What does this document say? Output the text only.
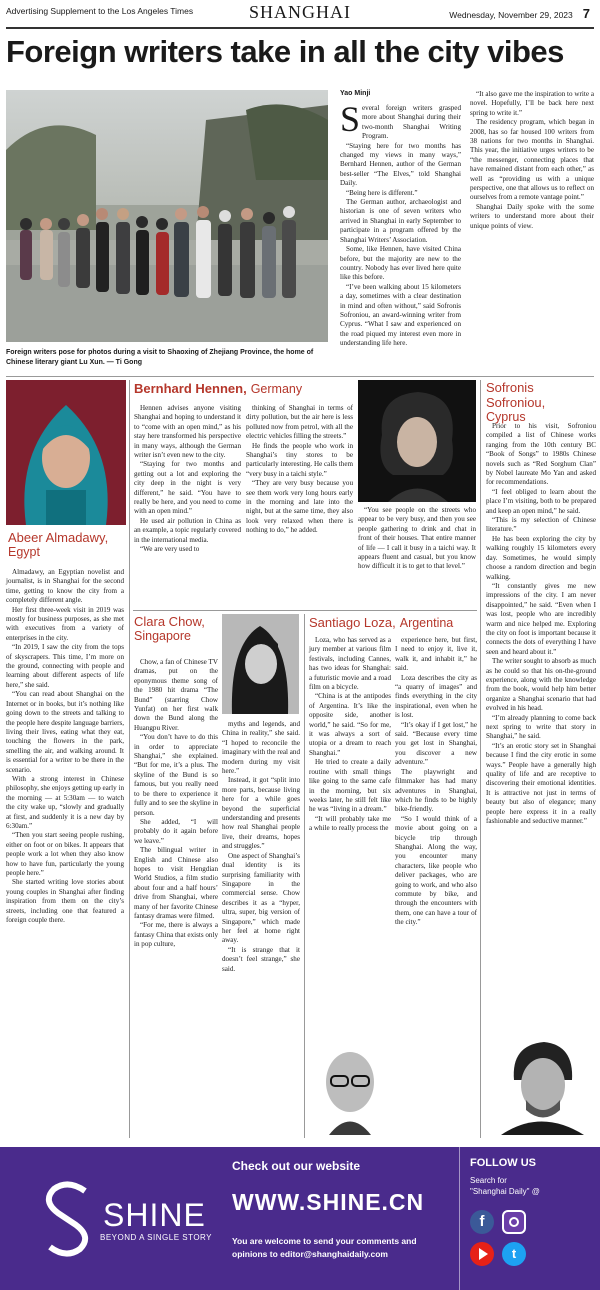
Advertising Supplement to the Los Angeles Times	SHANGHAI	Wednesday, November 29, 2023 7
Foreign writers take in all the city vibes
Foreign writers pose for photos during a visit to Shaoxing of Zhejiang Province, the home of Chinese literary giant Lu Xun. — Ti Gong
Yao Minji

Several foreign writers grasped more about Shanghai during their two-month Shanghai Writing Program.

“Staying here for two months has changed my views in many ways,” Bernhard Hennen, author of the German best-seller “The Elves,” told Shanghai Daily.

“Being here is different.”

The German author, archaeologist and historian is one of seven writers who arrived in Shanghai in early September to participate in a program offered by the Shanghai Writers’ Association.

Some, like Hennen, have visited China before, but the majority are new to the country. Nobody has ever lived here quite like this before.

“I’ve been walking about 15 kilometers a day, sometimes with a clear destination in mind and often without,” said Sofronis Sofroniou, an award-winning writer from Cyprus. “What I saw and experienced on the road piqued my interest even more in understanding life here.

“It also gave me the inspiration to write a novel. Hopefully, I’ll be back here next spring to write it.”

The residency program, which began in 2008, has so far housed 100 writers from 38 nations for two months in Shanghai. This year, the initiative urges writers to be “the messenger, connecting places that have remained distant from each other,” as well as “providing us with a unique perspective, one that allows us to reflect on ourselves from a remote vantage point.”

Shanghai Daily spoke with the some writers to understand more about their unique points of view.

Abeer Almadawy,
Egypt

Almadawy, an Egyptian novelist and journalist, is in Shanghai for the second time, getting to know the city from a completely different angle.

Her first three-week visit in 2019 was mostly for business purposes, as she met with executives from a variety of enterprises in the city.

“In 2019, I saw the city from the tops of skyscrapers. This time, I’m more on the ground, connecting with people and learning about different aspects of life here,” she said.

“You can read about Shanghai on the Internet or in books, but it’s nothing like going down to the streets and talking to the people here despite language barriers, living their lives, eating what they eat, touching the flowers in the park, smelling the air, and walking around. It is essential for a writer to be there in the scenario.

With a strong interest in Chinese philosophy, she enjoys getting up early in the morning — at 5:30am — to watch the city wake up, “slowly and gradually at first, and suddenly it is a new day by 6:30am.”

“Then you start seeing people rushing, either on foot or on bikes. It appears that people work a lot when they also know how to have fun, particularly the young people here.”

She started writing love stories about young couples in Shanghai after finding inspiration from them on the city’s streets, including one that featured a foreign couple there.

Bernhard Hennen, Germany

Hennen advises anyone visiting Shanghai and hoping to understand it to “come with an open mind,” as his stay here transformed his perspective in many ways, although the German writer isn’t even new to the city.

“Staying for two months and getting out a lot and exploring the city deep in the night is very different,” he said. “You have to really be here, and you need to come with an open mind.”

He used air pollution in China as an example, a topic regularly covered in the international media.

“We are very used to

thinking of Shanghai in terms of dirty pollution, but the air here is less polluted now from petrol, with all the electric vehicles filling the streets.”

He finds the people who work in Shanghai’s tiny stores to be particularly interesting. He calls them “very busy in a taichi style.”

“They are very busy because you see them work very long hours early in the morning and late into the night, but at the same time, they also look very relaxed when there is nothing to do,” he added.

“You see people on the streets who appear to be very busy, and then you see people gathering to drink and chat in front of their houses. That entire manner of life — I call it busy in a taichi way. It appears fluent and casual, but you know how difficult it is to get to that level.”

Clara Chow,
Singapore

Chow, a fan of Chinese TV dramas, put on the eponymous theme song of the 1980 hit drama “The Bund” (starring Chow Yunfat) on her first walk down the Bund along the Huangpu River.

“You don’t have to do this in order to appreciate Shanghai,” she explained. “But for me, it’s a plus. The skyline of the Bund is so famous, but you really need to be there to experience it fully and to see the skyline in person.

She added, “I will probably do it again before we leave.”

The bilingual writer in English and Chinese also hopes to visit Hengdian World Studios, a film studio about four and a half hours’ drive from Shanghai, where many of her favorite Chinese fantasy dramas were filmed.

“For me, there is always a fantasy China that exists only in pop culture,

myths and legends, and China in reality,” she said. “I hoped to reconcile the imaginary with the real and modern during my visit here.”

Instead, it got “split into more parts, because living here for a while goes beyond the superficial understanding and presents how real Shanghai people live, their dreams, hopes and struggles.”

One aspect of Shanghai’s dual identity is its surprising familiarity with Singapore in the commercial sense. Chow describes it as a “hyper, ultra, super, big version of Singapore,” which made her feel at home right away.

“It is strange that it doesn’t feel strange,” she said.

Santiago Loza, Argentina

Loza, who has served as a jury member at various film festivals, including Cannes, has two ideas for Shanghai: a futuristic movie and a road film on a bicycle.

“China is at the antipodes of Argentina. It’s like the opposite side, another world,” he said. “So for me, it was always a sort of utopia or a dream to reach Shanghai.”

He tried to create a daily routine with small things like going to the same cafe in the morning, but six weeks later, he still felt like he was “living in a dream.”

“It will probably take me a while to really process the

experience here, but first, I need to enjoy it, live it, walk it, and inhabit it,” he said.

Loza describes the city as “a quarry of images” and finds everything in the city inspirational, even when he is lost.

“It’s okay if I get lost,” he said. “Because every time you get lost in Shanghai, you discover a new adventure.”

The playwright and filmmaker has had many adventures in Shanghai, which he finds to be highly bike-friendly.

“So I would think of a movie about going on a bicycle trip through Shanghai. Along the way, you encounter many characters, like people who deliver packages, who are going to work, and who also commute by bike, and through the encounters with them, one can have a tour of the city.”

Sofronis Sofroniou,
Cyprus

Prior to his visit, Sofroniou compiled a list of Chinese works ranging from the 10th century BC “Book of Songs” to 1980s Chinese novels such as “Red Sorghum Clan” by Nobel laureate Mo Yan and asked for recommendations.

“I feel obliged to learn about the place I’m visiting, both to be prepared and keep an open mind,” he said.

“This is my selection of Chinese literature.”

He has been exploring the city by walking roughly 15 kilometers every day. Sometimes, he would simply choose a random direction and begin walking.

“It constantly gives me new impressions of the city. I am never disappointed,” he said. “Even when I was lost, people who are incredibly warm and nice helped me. Exploring the city on foot is important because it connects the dots of everything I have seen and heard about it.”

The writer sought to absorb as much as he could so that his on-the-ground experience, along with the knowledge from the book, would help him better organize a Shanghai scenario that had evolved in his head.

“I’m already planning to come back next spring to write that story in Shanghai,” he said.

“It’s an erotic story set in Shanghai because I find the city erotic in some ways.” People have a generally high quality of life and are receptive to discovering their emotional identities. It is attractive not just in terms of beauty but also of elegance; many people here express it in a really fashionable and seductive manner.”

SHINE
BEYOND A SINGLE STORY
Check out our website
WWW.SHINE.CN
You are welcome to send your comments and
opinions to editor@shanghaidaily.com
FOLLOW US
Search for
"Shanghai Daily" @
f
t
